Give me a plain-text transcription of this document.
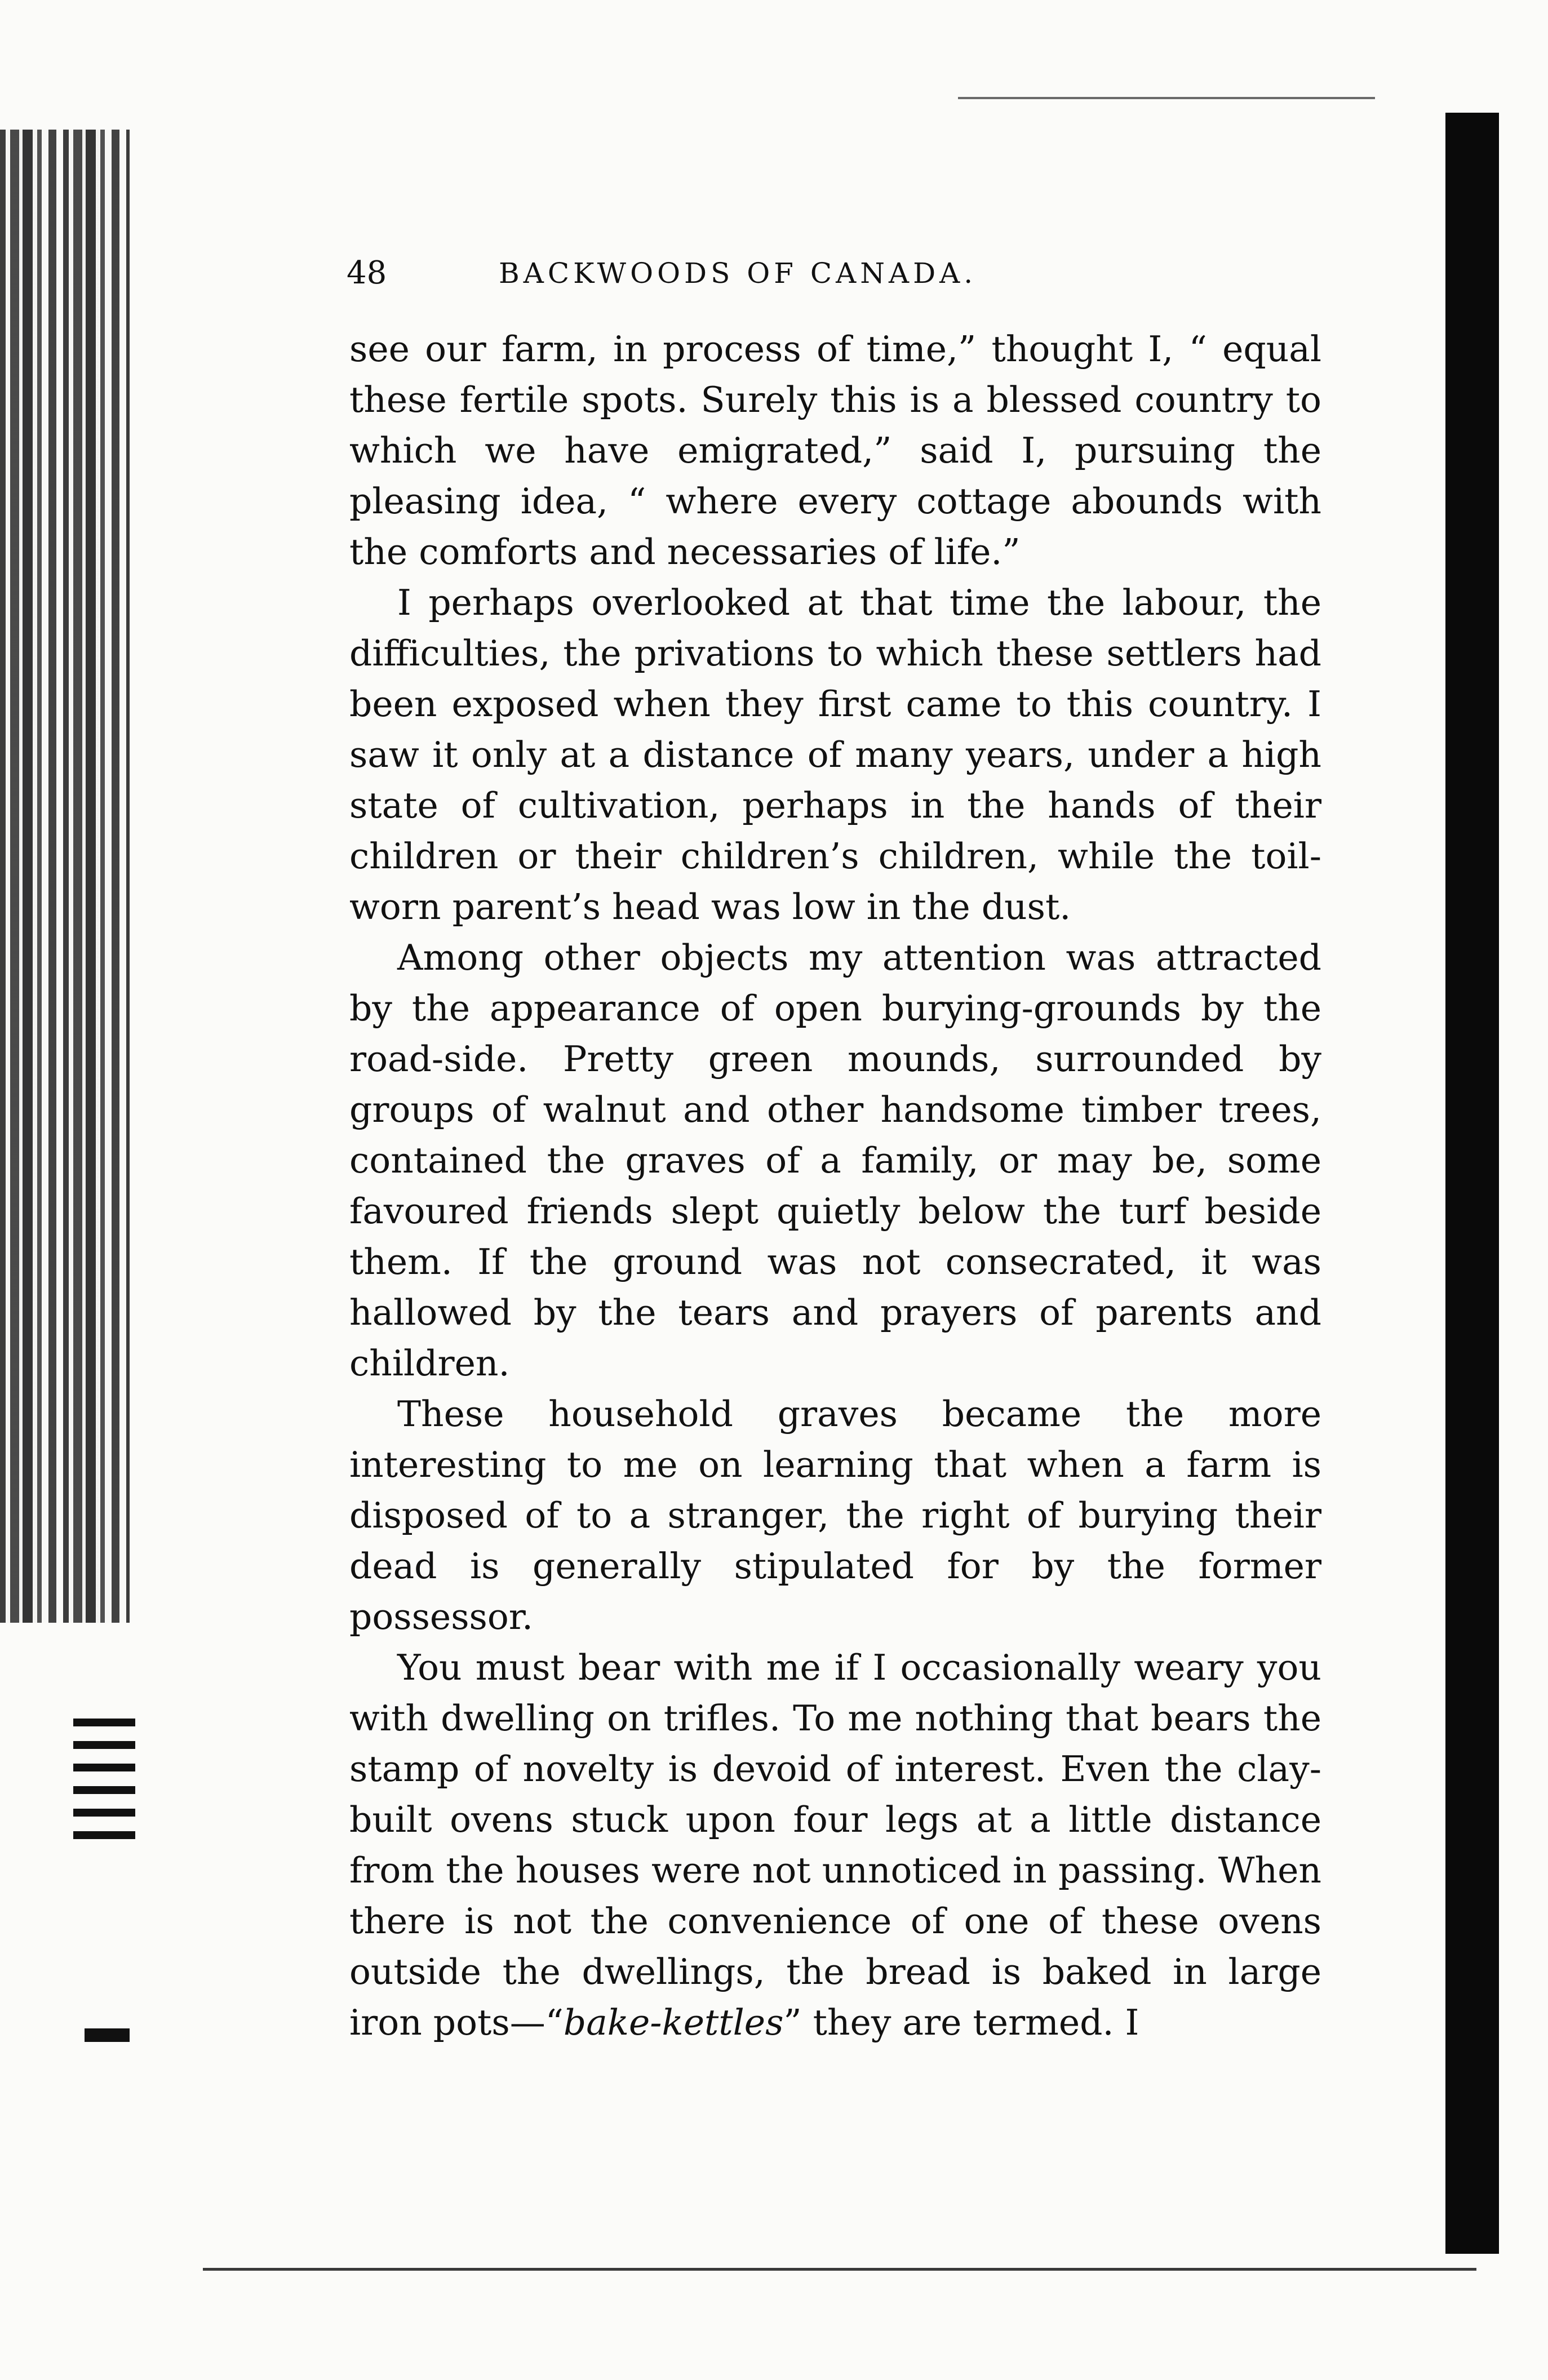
48	BACKWOODS OF CANADA.

see our farm, in process of time,” thought I, “ equal these fertile spots. Surely this is a blessed country to which we have emigrated,” said I, pursuing the pleasing idea, “ where every cottage abounds with the comforts and necessaries of life.”

I perhaps overlooked at that time the labour, the difficulties, the privations to which these settlers had been exposed when they first came to this country. I saw it only at a distance of many years, under a high state of cultivation, perhaps in the hands of their children or their children’s children, while the toil-worn parent’s head was low in the dust.

Among other objects my attention was attracted by the appearance of open burying-grounds by the road-side. Pretty green mounds, surrounded by groups of walnut and other handsome timber trees, contained the graves of a family, or may be, some favoured friends slept quietly below the turf beside them. If the ground was not consecrated, it was hallowed by the tears and prayers of parents and children.

These household graves became the more interesting to me on learning that when a farm is disposed of to a stranger, the right of burying their dead is generally stipulated for by the former possessor.

You must bear with me if I occasionally weary you with dwelling on trifles. To me nothing that bears the stamp of novelty is devoid of interest. Even the clay-built ovens stuck upon four legs at a little distance from the houses were not unnoticed in passing. When there is not the convenience of one of these ovens outside the dwellings, the bread is baked in large iron pots—“bake-kettles” they are termed. I
